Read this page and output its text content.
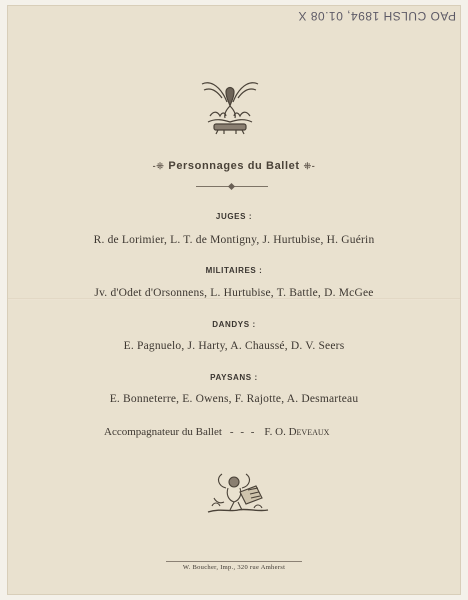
PAO CULSH 1894, 01.08 X
-⁜ Personnages du Ballet ⁜-
JUGES :
R. de Lorimier, L. T. de Montigny, J. Hurtubise, H. Guérin
MILITAIRES :
Jv. d'Odet d'Orsonnens, L. Hurtubise, T. Battle, D. McGee
DANDYS :
E. Pagnuelo, J. Harty, A. Chaussé, D. V. Seers
PAYSANS :
E. Bonneterre, E. Owens, F. Rajotte, A. Desmarteau
Accompagnateur du Ballet - - - F. O. Deveaux
W. Boucher, Imp., 320 rue Amherst
